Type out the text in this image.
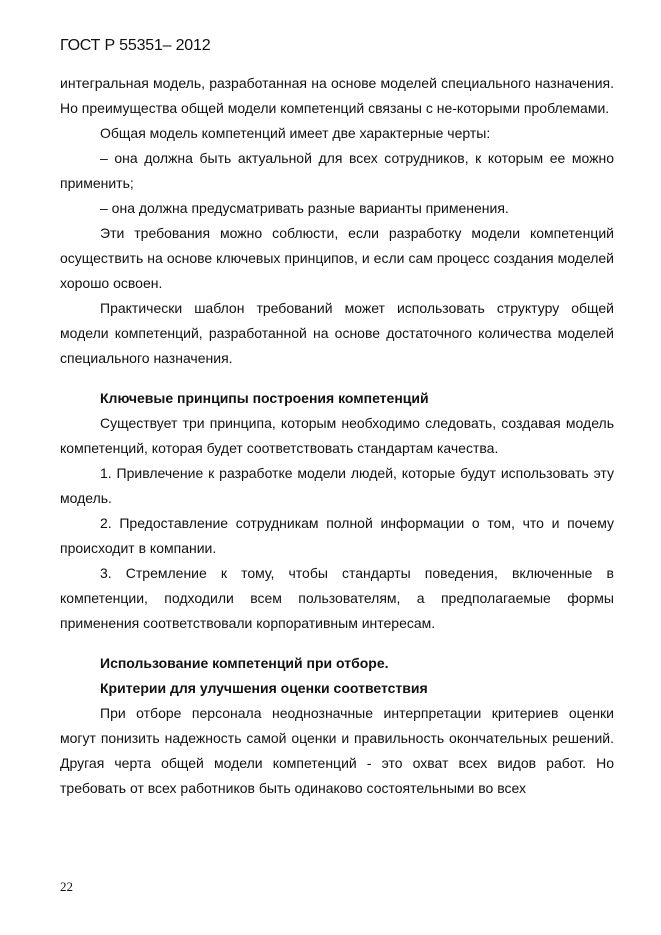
ГОСТ Р 55351– 2012

интегральная модель, разработанная на основе моделей специального назначения. Но преимущества общей модели компетенций связаны с не-которыми проблемами.

Общая модель компетенций имеет две характерные черты:

– она должна быть актуальной для всех сотрудников, к которым ее можно применить;

– она должна предусматривать разные варианты применения.

Эти требования можно соблюсти, если разработку модели компетенций осуществить на основе ключевых принципов, и если сам процесс создания моделей хорошо освоен.

Практически шаблон требований может использовать структуру общей модели компетенций, разработанной на основе достаточного количества моделей специального назначения.

Ключевые принципы построения компетенций

Существует три принципа, которым необходимо следовать, создавая модель компетенций, которая будет соответствовать стандартам качества.

1. Привлечение к разработке модели людей, которые будут использовать эту модель.

2. Предоставление сотрудникам полной информации о том, что и почему происходит в компании.

3. Стремление к тому, чтобы стандарты поведения, включенные в компетенции, подходили всем пользователям, а предполагаемые формы применения соответствовали корпоративным интересам.

Использование компетенций при отборе.

Критерии для улучшения оценки соответствия

При отборе персонала неоднозначные интерпретации критериев оценки могут понизить надежность самой оценки и правильность окончательных решений. Другая черта общей модели компетенций - это охват всех видов работ. Но требовать от всех работников быть одинаково состоятельными во всех

22
